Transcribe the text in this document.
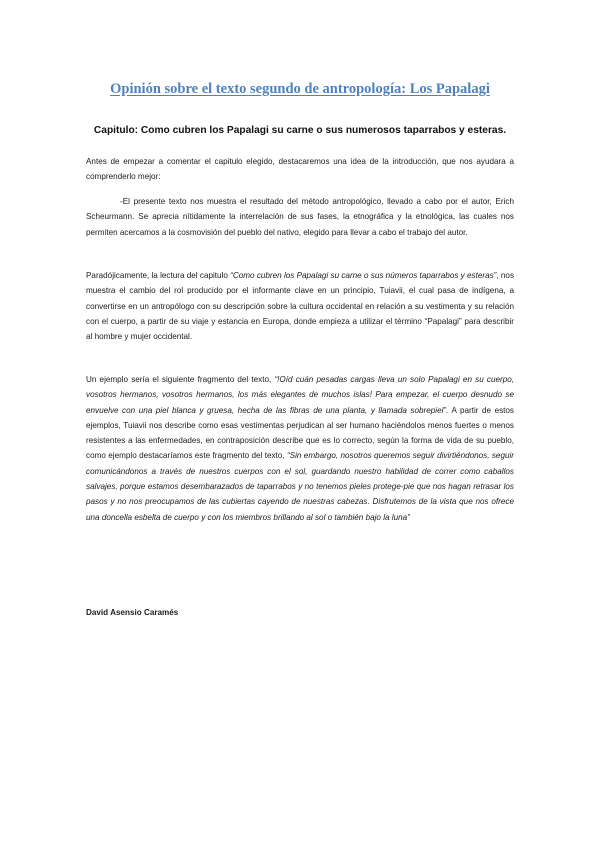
Opinión sobre el texto segundo de antropología: Los Papalagi
Capitulo: Como cubren los Papalagi su carne o sus numerosos taparrabos y esteras.

Antes de empezar a comentar el capitulo elegido, destacaremos una idea de la introducción, que nos ayudara a comprenderlo mejor:

-El presente texto nos muestra el resultado del método antropológico, llevado a cabo por el autor, Erich Scheurmann. Se aprecia nítidamente la interrelación de sus fases, la etnográfica y la etnológica, las cuales nos permiten acercamos a la cosmovisión del pueblo del nativo, elegido para llevar a cabo el trabajo del autor.

Paradójicamente, la lectura del capitulo “Como cubren los Papalagi su carne o sus números taparrabos y esteras”, nos muestra el cambio del rol producido por el informante clave en un principio, Tuiavii, el cual pasa de indígena, a convertirse en un antropólogo con su descripción sobre la cultura occidental en relación a su vestimenta y su relación con el cuerpo, a partir de su viaje y estancia en Europa, donde empieza a utilizar el término “Papalagi” para describir al hombre y mujer occidental.

Un ejemplo sería el siguiente fragmento del texto, “!Oíd cuán pesadas cargas lleva un solo Papalagi en su cuerpo, vosotros hermanos, vosotros hermanos, los más elegantes de muchos islas! Para empezar, el cuerpo desnudo se envuelve con una piel blanca y gruesa, hecha de las fibras de una planta, y llamada sobrepiel”. A partir de estos ejemplos, Tuiavii nos describe como esas vestimentas perjudican al ser humano haciéndolos menos fuertes o menos resistentes a las enfermedades, en contraposición describe que es lo correcto, según la forma de vida de su pueblo, como ejemplo destacaríamos este fragmento del texto, “Sin embargo, nosotros queremos seguir divirtiéndonos, seguir comunicándonos a través de nuestros cuerpos con el sol, guardando nuestro habilidad de correr como caballos salvajes, porque estamos desembarazados de taparrabos y no tenemos pieles protege-pie que nos hagan retrasar los pasos y no nos preocupamos de las cubiertas cayendo de nuestras cabezas. Disfrutemos de la vista que nos ofrece una doncella esbelta de cuerpo y con los miembros brillando al sol o también bajo la luna”

David Asensio Caramés
